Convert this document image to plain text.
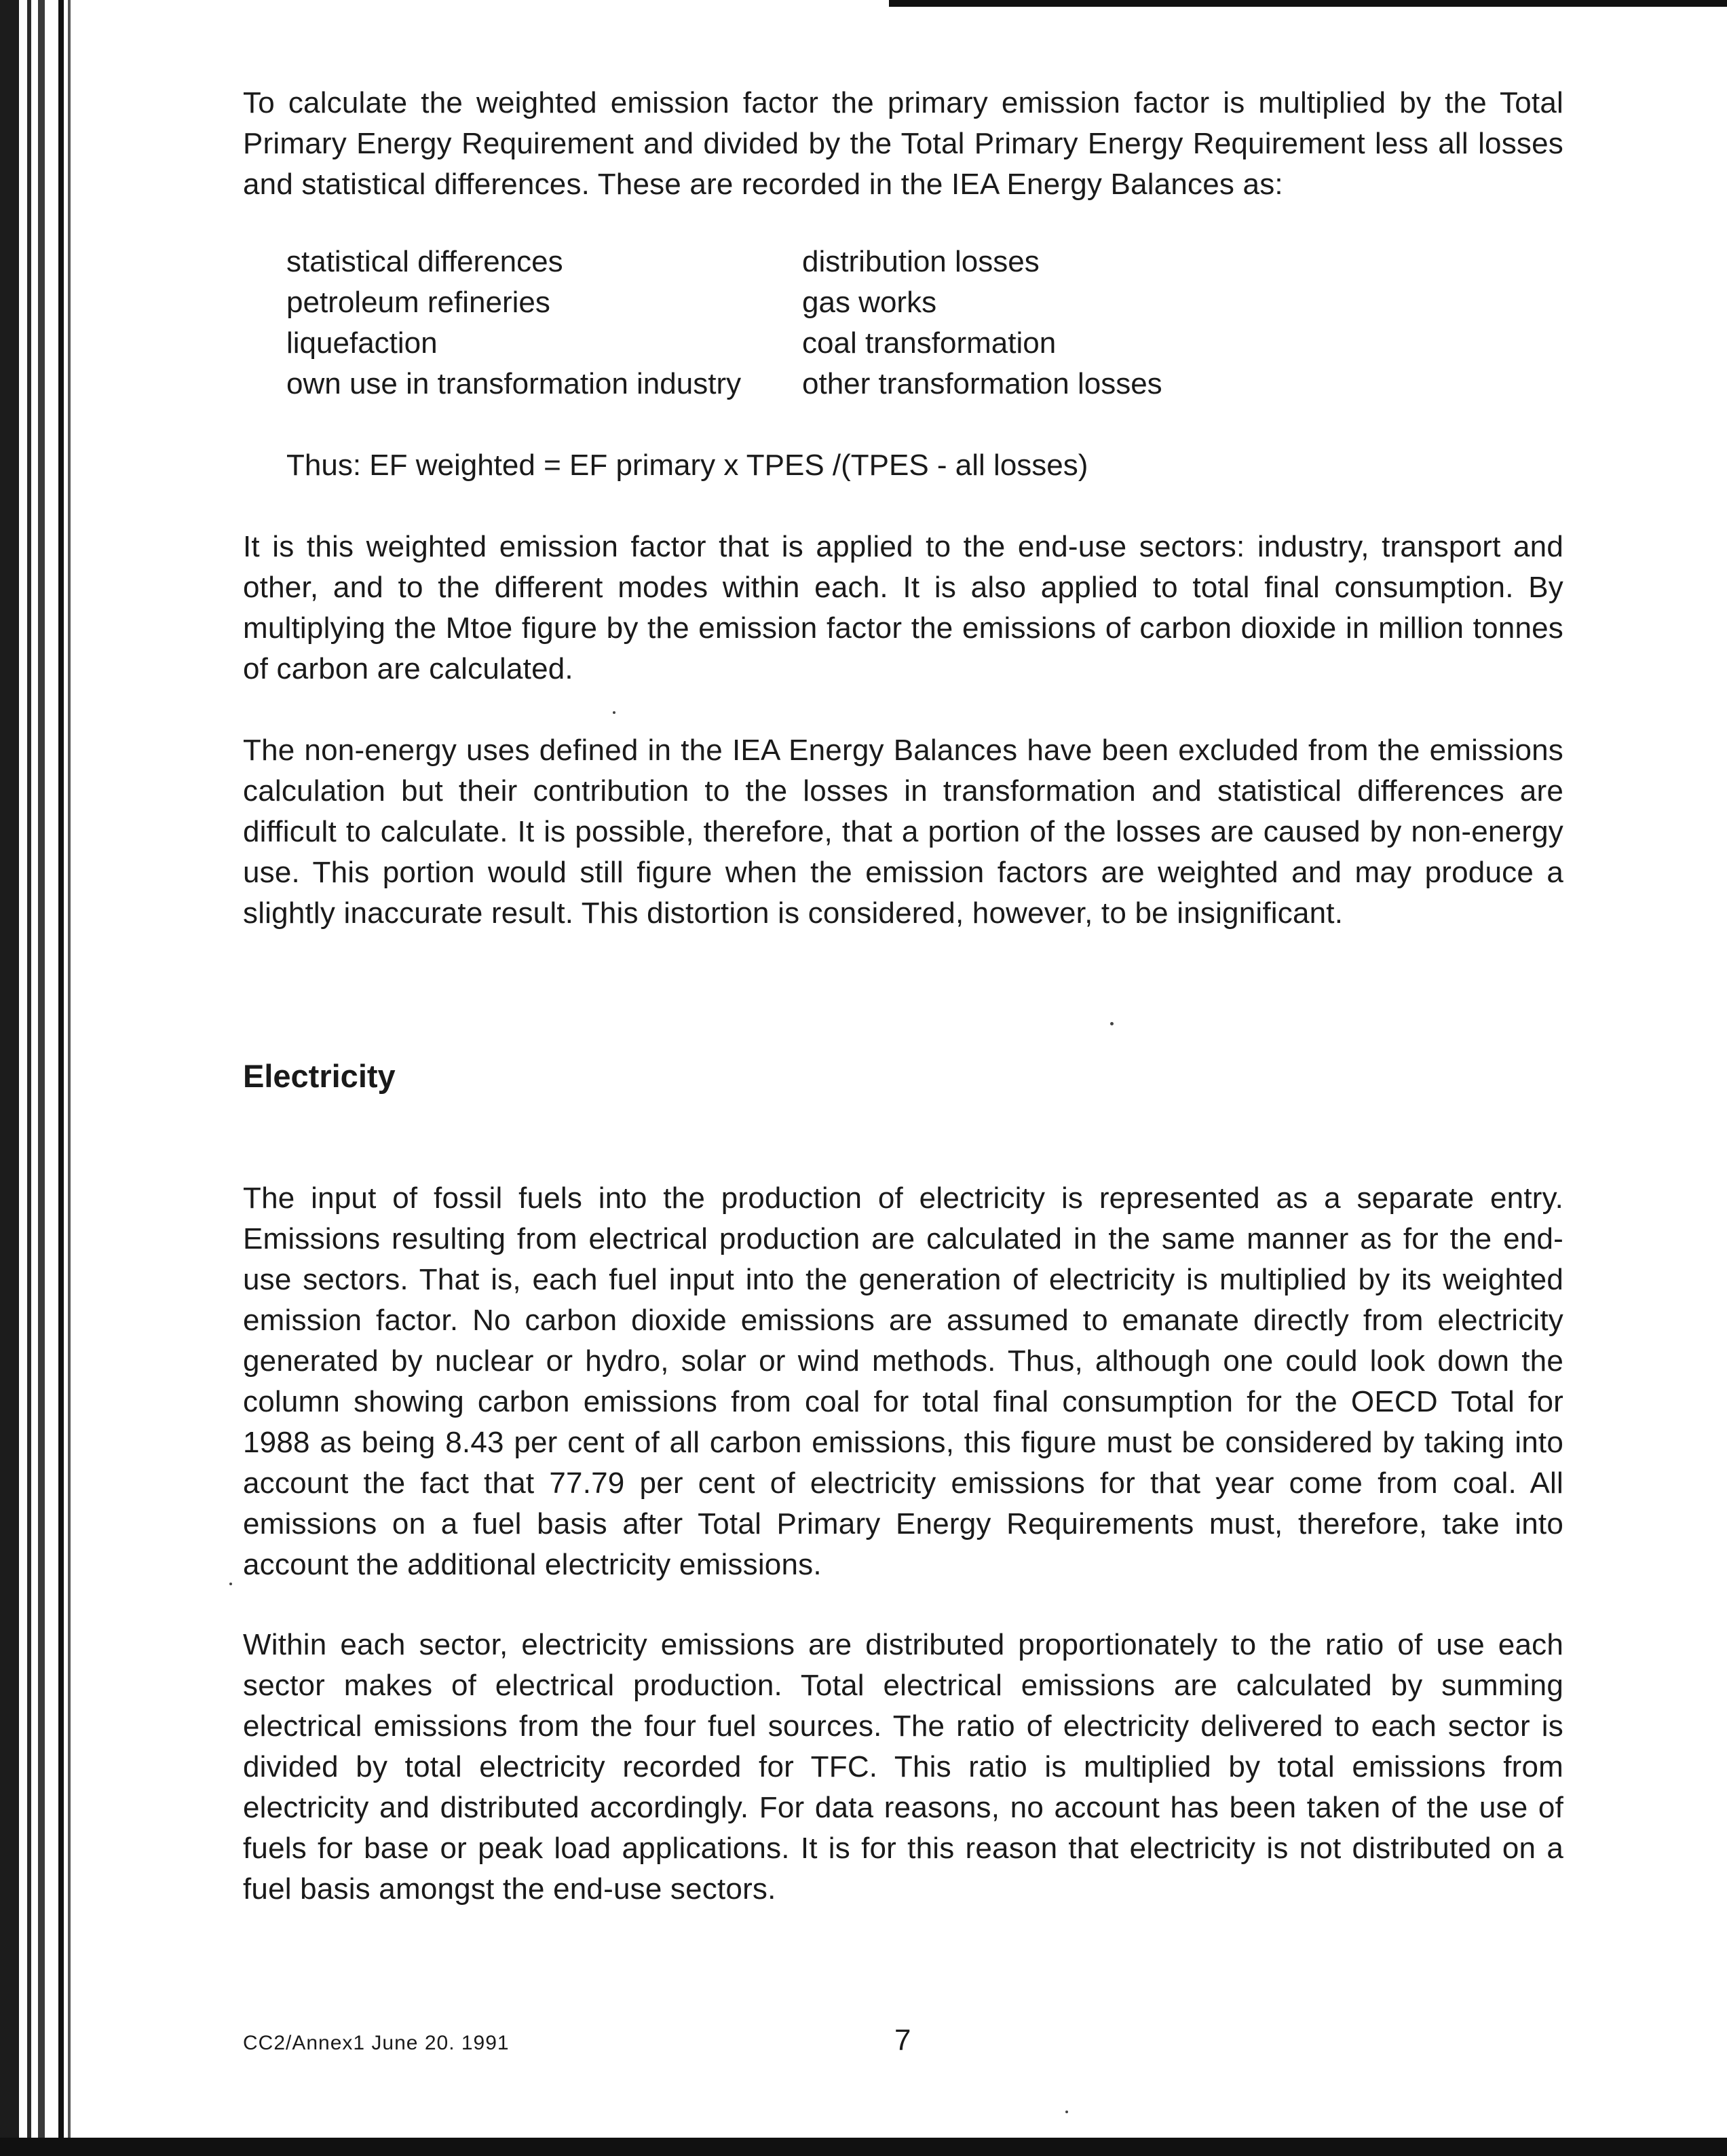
To calculate the weighted emission factor the primary emission factor is multiplied by the Total Primary Energy Requirement and divided by the Total Primary Energy Requirement less all losses and statistical differences. These are recorded in the IEA Energy Balances as:

statistical differences	distribution losses
petroleum refineries	gas works
liquefaction	coal transformation
own use in transformation industry	other transformation losses
Thus: EF weighted = EF primary x TPES /(TPES - all losses)

It is this weighted emission factor that is applied to the end-use sectors: industry, transport and other, and to the different modes within each. It is also applied to total final consumption. By multiplying the Mtoe figure by the emission factor the emissions of carbon dioxide in million tonnes of carbon are calculated.

The non-energy uses defined in the IEA Energy Balances have been excluded from the emissions calculation but their contribution to the losses in transformation and statistical differences are difficult to calculate. It is possible, therefore, that a portion of the losses are caused by non-energy use. This portion would still figure when the emission factors are weighted and may produce a slightly inaccurate result. This distortion is considered, however, to be insignificant.

Electricity

The input of fossil fuels into the production of electricity is represented as a separate entry. Emissions resulting from electrical production are calculated in the same manner as for the end-use sectors. That is, each fuel input into the generation of electricity is multiplied by its weighted emission factor. No carbon dioxide emissions are assumed to emanate directly from electricity generated by nuclear or hydro, solar or wind methods. Thus, although one could look down the column showing carbon emissions from coal for total final consumption for the OECD Total for 1988 as being 8.43 per cent of all carbon emissions, this figure must be considered by taking into account the fact that 77.79 per cent of electricity emissions for that year come from coal. All emissions on a fuel basis after Total Primary Energy Requirements must, therefore, take into account the additional electricity emissions.

Within each sector, electricity emissions are distributed proportionately to the ratio of use each sector makes of electrical production. Total electrical emissions are calculated by summing electrical emissions from the four fuel sources. The ratio of electricity delivered to each sector is divided by total electricity recorded for TFC. This ratio is multiplied by total emissions from electricity and distributed accordingly. For data reasons, no account has been taken of the use of fuels for base or peak load applications. It is for this reason that electricity is not distributed on a fuel basis amongst the end-use sectors.

CC2/Annex1 June 20. 1991	7
